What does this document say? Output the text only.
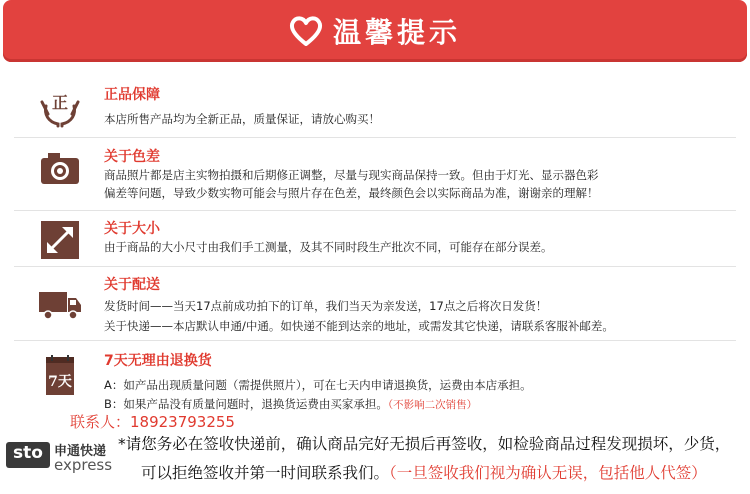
温馨提示
正	正品保障
本店所售产品均为全新正品，质量保证，请放心购买！
关于色差
商品照片都是店主实物拍摄和后期修正调整，尽量与现实商品保持一致。但由于灯光、显示器色彩
偏差等问题，导致少数实物可能会与照片存在色差，最终颜色会以实际商品为准，谢谢亲的理解！
关于大小
由于商品的大小尺寸由我们手工测量，及其不同时段生产批次不同，可能存在部分误差。
关于配送
发货时间——当天17点前成功拍下的订单，我们当天为亲发送，17点之后将次日发货！
关于快递——本店默认申通/中通。如快递不能到达亲的地址，或需发其它快递，请联系客服补邮差。
7天
7天无理由退换货
A：如产品出现质量问题（需提供照片），可在七天内申请退换货，运费由本店承担。
B：如果产品没有质量问题时，退换货运费由买家承担。（不影响二次销售）
联系人：18923793255
sto 申通快递
express
*请您务必在签收快递前，确认商品完好无损后再签收，如检验商品过程发现损坏，少货，
可以拒绝签收并第一时间联系我们。（一旦签收我们视为确认无误，包括他人代签）
